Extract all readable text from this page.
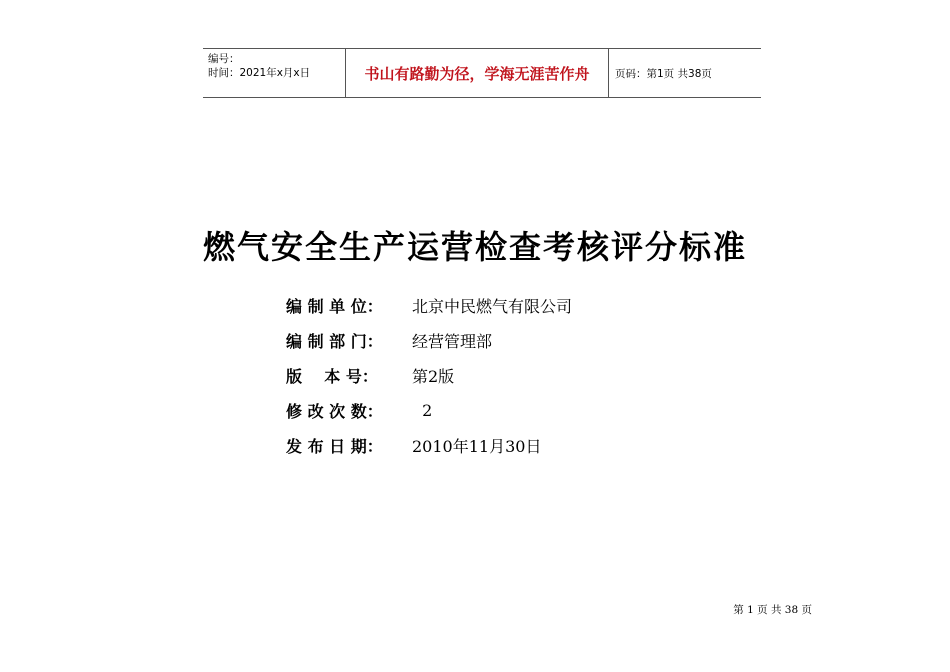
编号：
时间：2021年x月x日	书山有路勤为径，学海无涯苦作舟 页码：第1页 共38页
燃气安全生产运营检查考核评分标准
编 制 单 位：	北京中民燃气有限公司
编 制 部 门：	经营管理部
版    本 号：	第2版
修 改 次 数：	2
发 布 日 期：	2010年11月30日
第 1 页 共 38 页
